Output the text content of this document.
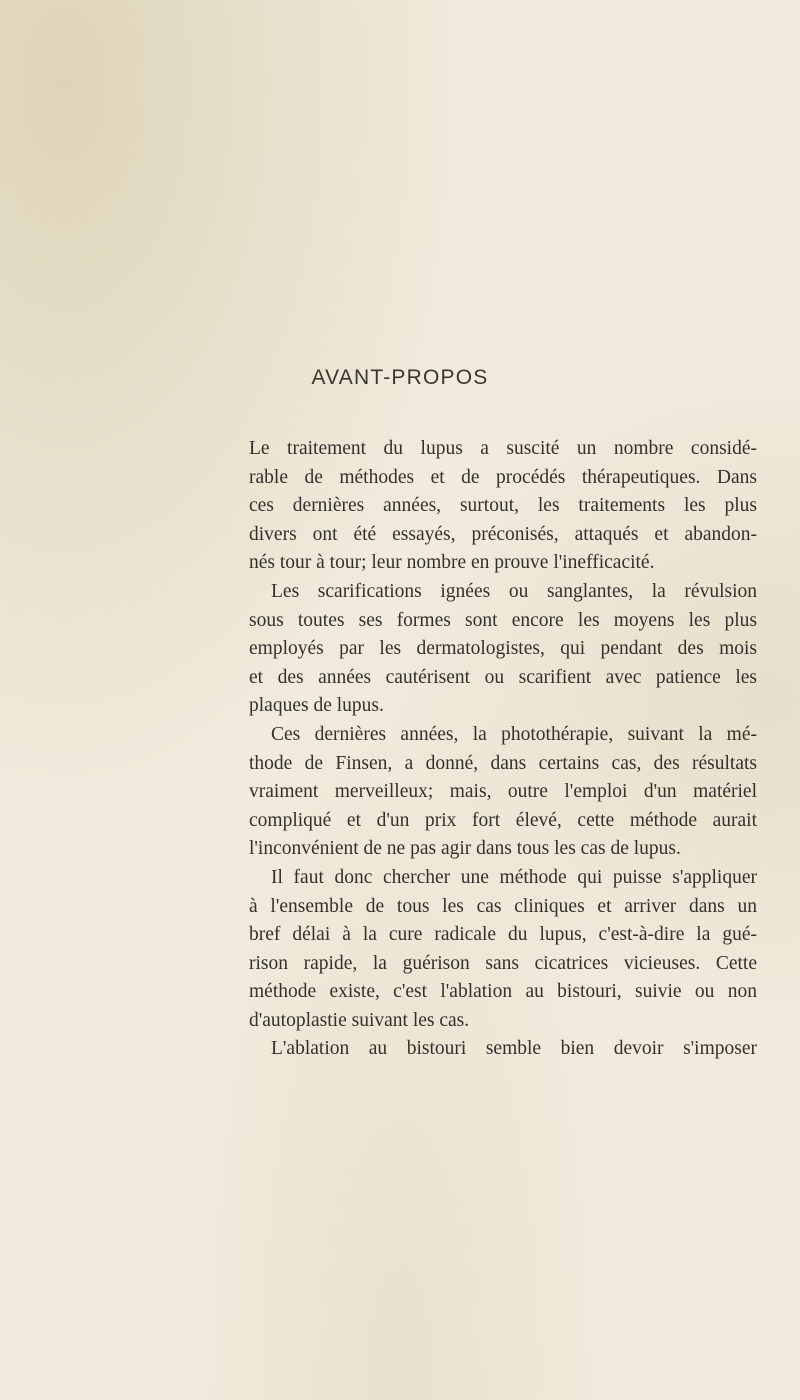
AVANT-PROPOS
Le traitement du lupus a suscité un nombre considé-
rable de méthodes et de procédés thérapeutiques. Dans
ces dernières années, surtout, les traitements les plus
divers ont été essayés, préconisés, attaqués et abandon-
nés tour à tour; leur nombre en prouve l'inefficacité.
Les scarifications ignées ou sanglantes, la révulsion
sous toutes ses formes sont encore les moyens les plus
employés par les dermatologistes, qui pendant des mois
et des années cautérisent ou scarifient avec patience les
plaques de lupus.
Ces dernières années, la photothérapie, suivant la mé-
thode de Finsen, a donné, dans certains cas, des résultats
vraiment merveilleux; mais, outre l'emploi d'un matériel
compliqué et d'un prix fort élevé, cette méthode aurait
l'inconvénient de ne pas agir dans tous les cas de lupus.
Il faut donc chercher une méthode qui puisse s'appliquer
à l'ensemble de tous les cas cliniques et arriver dans un
bref délai à la cure radicale du lupus, c'est-à-dire la gué-
rison rapide, la guérison sans cicatrices vicieuses. Cette
méthode existe, c'est l'ablation au bistouri, suivie ou non
d'autoplastie suivant les cas.
L'ablation au bistouri semble bien devoir s'imposer
